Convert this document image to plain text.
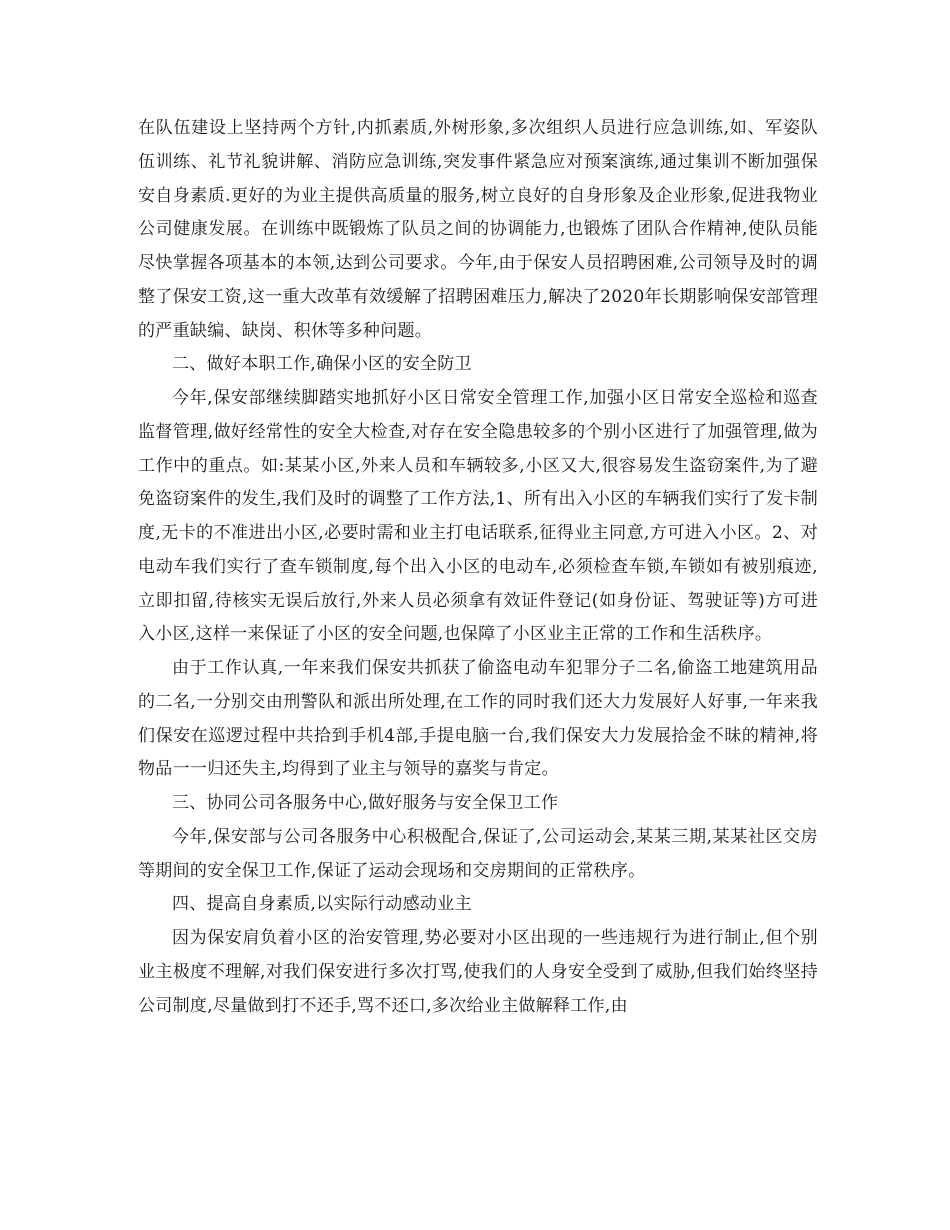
在队伍建设上坚持两个方针,内抓素质,外树形象,多次组织人员进行应急训练,如、军姿队伍训练、礼节礼貌讲解、消防应急训练,突发事件紧急应对预案演练,通过集训不断加强保安自身素质.更好的为业主提供高质量的服务,树立良好的自身形象及企业形象,促进我物业公司健康发展。在训练中既锻炼了队员之间的协调能力,也锻炼了团队合作精神,使队员能尽快掌握各项基本的本领,达到公司要求。今年,由于保安人员招聘困难,公司领导及时的调整了保安工资,这一重大改革有效缓解了招聘困难压力,解决了2020年长期影响保安部管理的严重缺编、缺岗、积休等多种问题。

二、做好本职工作,确保小区的安全防卫

今年,保安部继续脚踏实地抓好小区日常安全管理工作,加强小区日常安全巡检和巡查监督管理,做好经常性的安全大检查,对存在安全隐患较多的个别小区进行了加强管理,做为工作中的重点。如:某某小区,外来人员和车辆较多,小区又大,很容易发生盗窃案件,为了避免盗窃案件的发生,我们及时的调整了工作方法,1、所有出入小区的车辆我们实行了发卡制度,无卡的不准进出小区,必要时需和业主打电话联系,征得业主同意,方可进入小区。2、对电动车我们实行了查车锁制度,每个出入小区的电动车,必须检查车锁,车锁如有被别痕迹,立即扣留,待核实无误后放行,外来人员必须拿有效证件登记(如身份证、驾驶证等)方可进入小区,这样一来保证了小区的安全问题,也保障了小区业主正常的工作和生活秩序。

由于工作认真,一年来我们保安共抓获了偷盗电动车犯罪分子二名,偷盗工地建筑用品的二名,一分别交由刑警队和派出所处理,在工作的同时我们还大力发展好人好事,一年来我们保安在巡逻过程中共拾到手机4部,手提电脑一台,我们保安大力发展拾金不昧的精神,将物品一一归还失主,均得到了业主与领导的嘉奖与肯定。

三、协同公司各服务中心,做好服务与安全保卫工作

今年,保安部与公司各服务中心积极配合,保证了,公司运动会,某某三期,某某社区交房等期间的安全保卫工作,保证了运动会现场和交房期间的正常秩序。

四、提高自身素质,以实际行动感动业主

因为保安肩负着小区的治安管理,势必要对小区出现的一些违规行为进行制止,但个别业主极度不理解,对我们保安进行多次打骂,使我们的人身安全受到了威胁,但我们始终坚持公司制度,尽量做到打不还手,骂不还口,多次给业主做解释工作,由
